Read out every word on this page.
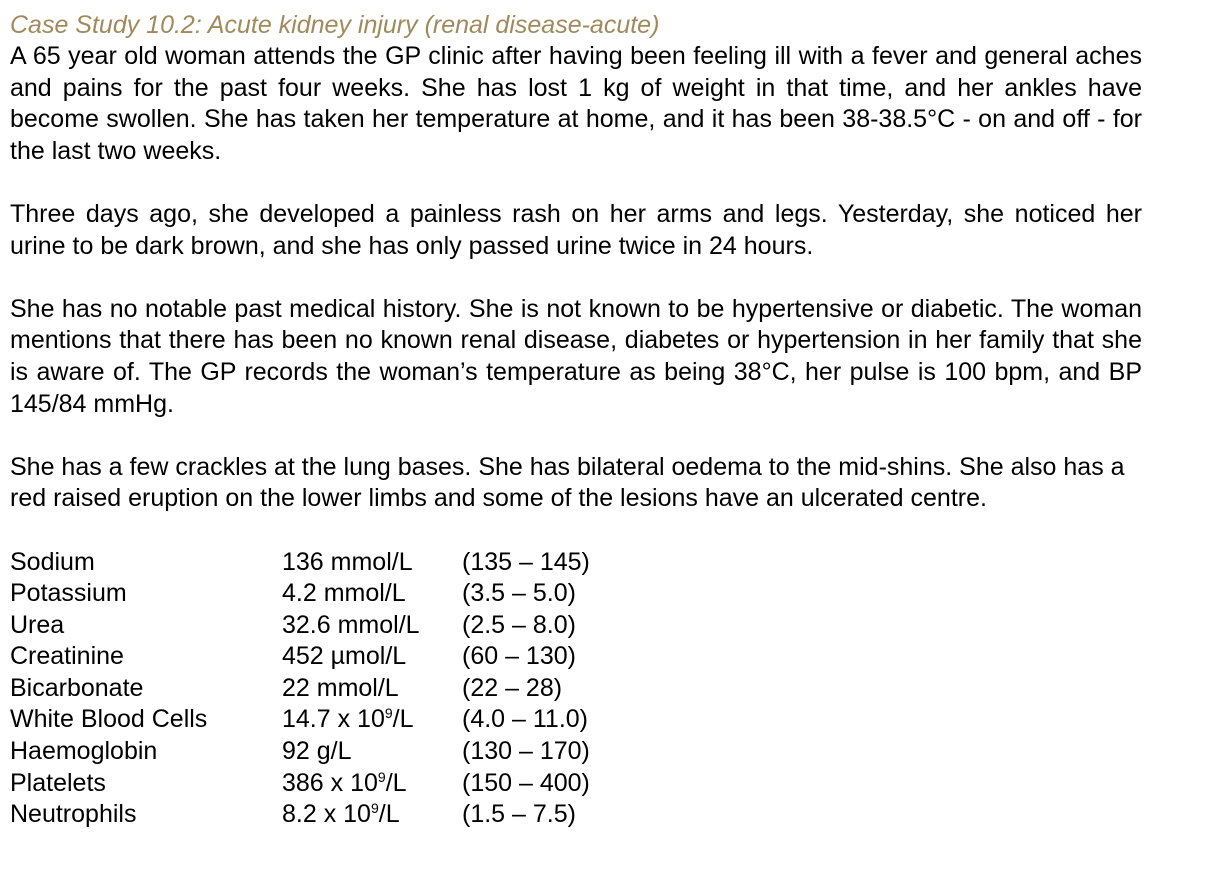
Case Study 10.2: Acute kidney injury (renal disease-acute)

A 65 year old woman attends the GP clinic after having been feeling ill with a fever and general aches and pains for the past four weeks. She has lost 1 kg of weight in that time, and her ankles have become swollen. She has taken her temperature at home, and it has been 38-38.5°C - on and off - for the last two weeks.

Three days ago, she developed a painless rash on her arms and legs. Yesterday, she noticed her urine to be dark brown, and she has only passed urine twice in 24 hours.

She has no notable past medical history. She is not known to be hypertensive or diabetic. The woman mentions that there has been no known renal disease, diabetes or hypertension in her family that she is aware of. The GP records the woman’s temperature as being 38°C, her pulse is 100 bpm, and BP 145/84 mmHg.

She has a few crackles at the lung bases. She has bilateral oedema to the mid-shins. She also has a red raised eruption on the lower limbs and some of the lesions have an ulcerated centre.

Sodium	136 mmol/L	(135 – 145)
Potassium	4.2 mmol/L	(3.5 – 5.0)
Urea	32.6 mmol/L	(2.5 – 8.0)
Creatinine	452 µmol/L	(60 – 130)
Bicarbonate	22 mmol/L	(22 – 28)
White Blood Cells	14.7 x $10^9/L$	(4.0 – 11.0)
Haemoglobin	92 g/L	(130 – 170)
Platelets	386 x $10^9/L$	(150 – 400)
Neutrophils	8.2 x $10^9/L$	(1.5 – 7.5)
